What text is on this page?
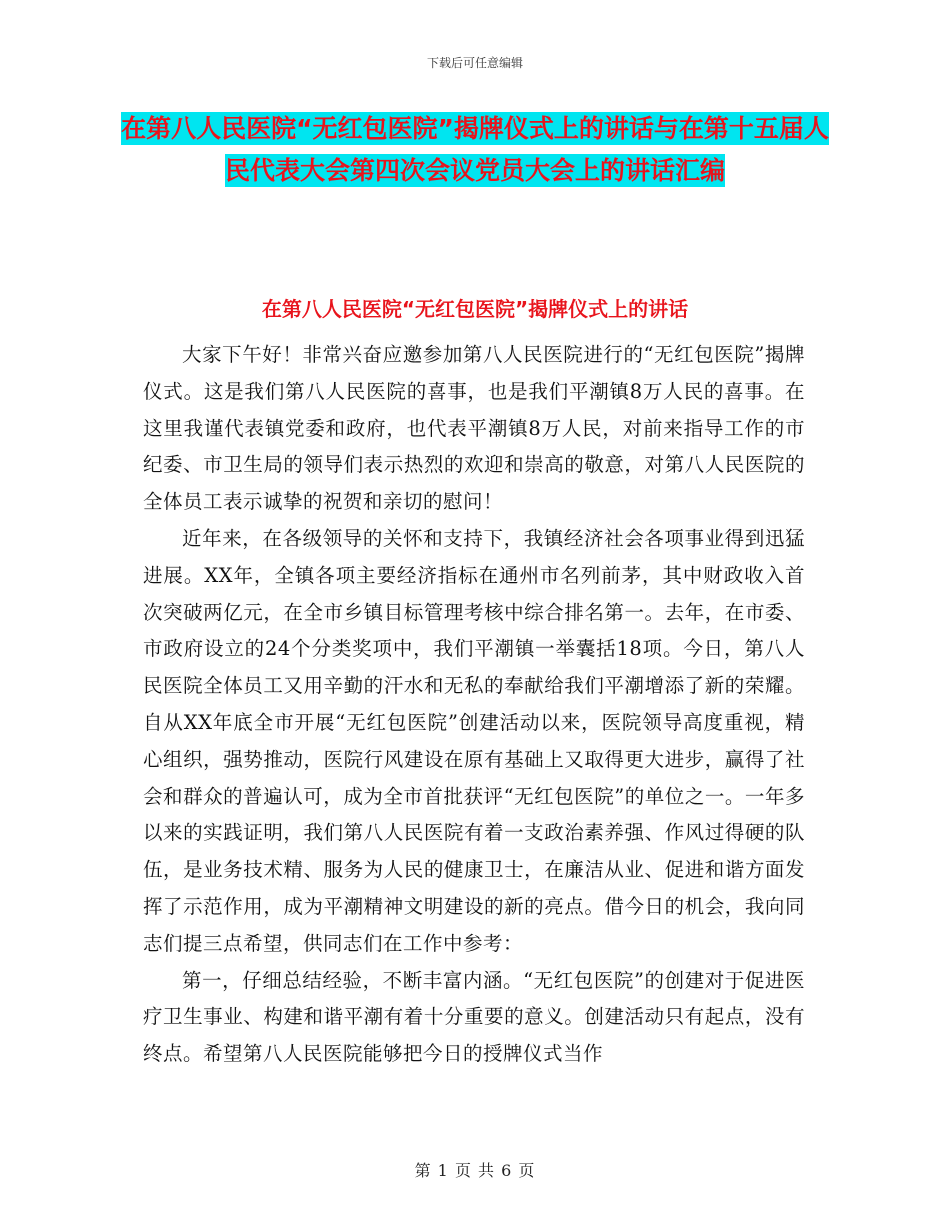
下载后可任意编辑
在第八人民医院“无红包医院”揭牌仪式上的讲话与在第十五届人民代表大会第四次会议党员大会上的讲话汇编
在第八人民医院“无红包医院”揭牌仪式上的讲话

大家下午好！非常兴奋应邀参加第八人民医院进行的“无红包医院”揭牌仪式。这是我们第八人民医院的喜事，也是我们平潮镇8万人民的喜事。在这里我谨代表镇党委和政府，也代表平潮镇8万人民，对前来指导工作的市纪委、市卫生局的领导们表示热烈的欢迎和崇高的敬意，对第八人民医院的全体员工表示诚挚的祝贺和亲切的慰问！

近年来，在各级领导的关怀和支持下，我镇经济社会各项事业得到迅猛进展。XX年，全镇各项主要经济指标在通州市名列前茅，其中财政收入首次突破两亿元，在全市乡镇目标管理考核中综合排名第一。去年，在市委、市政府设立的24个分类奖项中，我们平潮镇一举囊括18项。今日，第八人民医院全体员工又用辛勤的汗水和无私的奉献给我们平潮增添了新的荣耀。自从XX年底全市开展“无红包医院”创建活动以来，医院领导高度重视，精心组织，强势推动，医院行风建设在原有基础上又取得更大进步，赢得了社会和群众的普遍认可，成为全市首批获评“无红包医院”的单位之一。一年多以来的实践证明，我们第八人民医院有着一支政治素养强、作风过得硬的队伍，是业务技术精、服务为人民的健康卫士，在廉洁从业、促进和谐方面发挥了示范作用，成为平潮精神文明建设的新的亮点。借今日的机会，我向同志们提三点希望，供同志们在工作中参考：

第一，仔细总结经验，不断丰富内涵。“无红包医院”的创建对于促进医疗卫生事业、构建和谐平潮有着十分重要的意义。创建活动只有起点，没有终点。希望第八人民医院能够把今日的授牌仪式当作

第 1 页 共 6 页
